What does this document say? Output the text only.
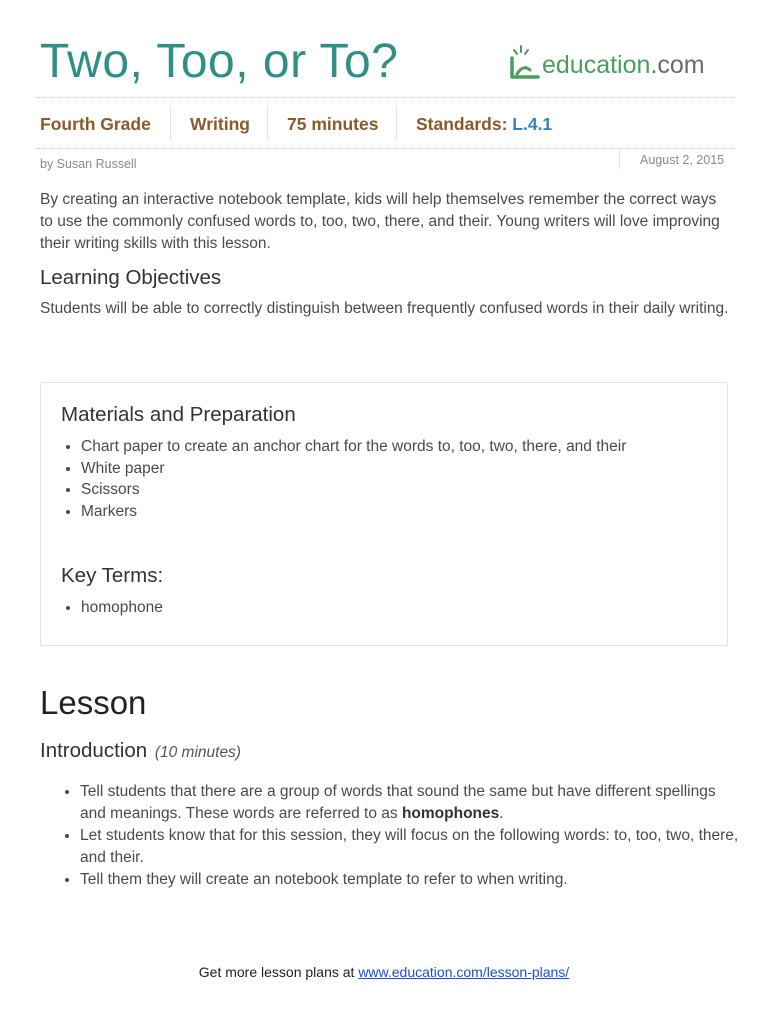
Two, Too, or To?	education.com
Fourth Grade Writing 75 minutes Standards: L.4.1
by Susan Russell	August 2, 2015

By creating an interactive notebook template, kids will help themselves remember the correct ways to use the commonly confused words to, too, two, there, and their. Young writers will love improving their writing skills with this lesson.

Learning Objectives

Students will be able to correctly distinguish between frequently confused words in their daily writing.

Materials and Preparation
• Chart paper to create an anchor chart for the words to, too, two, there, and their
• White paper
• Scissors
• Markers
Key Terms:
• homophone
Lesson
Introduction (10 minutes)
• Tell students that there are a group of words that sound the same but have different spellings and meanings. These words are referred to as homophones.
• Let students know that for this session, they will focus on the following words: to, too, two, there, and their.
• Tell them they will create an notebook template to refer to when writing.
Get more lesson plans at www.education.com/lesson-plans/
